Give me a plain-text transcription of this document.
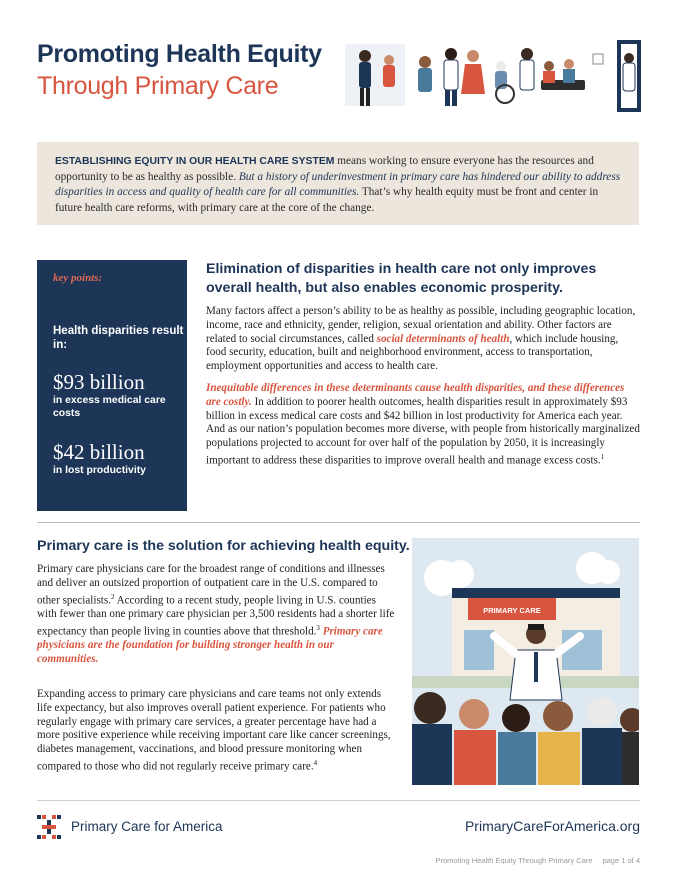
Promoting Health Equity
Through Primary Care
ESTABLISHING EQUITY IN OUR HEALTH CARE SYSTEM means working to ensure everyone has the resources and opportunity to be as healthy as possible. But a history of underinvestment in primary care has hindered our ability to address disparities in access and quality of health care for all communities. That’s why health equity must be front and center in future health care reforms, with primary care at the core of the change.
key points:
Health disparities result in:
$93 billion
in excess medical care costs
$42 billion
in lost productivity
Elimination of disparities in health care not only improves overall health, but also enables economic prosperity.
Many factors affect a person’s ability to be as healthy as possible, including geographic location, income, race and ethnicity, gender, religion, sexual orientation and ability. Other factors are related to social circumstances, called social determinants of health, which include housing, food security, education, built and neighborhood environment, access to transportation, employment opportunities and access to health care.
Inequitable differences in these determinants cause health disparities, and these differences are costly. In addition to poorer health outcomes, health disparities result in approximately $93 billion in excess medical care costs and $42 billion in lost productivity for America each year. And as our nation’s population becomes more diverse, with people from historically marginalized populations projected to account for over half of the population by 2050, it is increasingly important to address these disparities to improve overall health and manage excess costs.$^1$
Primary care is the solution for achieving health equity.
Primary care physicians care for the broadest range of conditions and illnesses and deliver an outsized proportion of outpatient care in the U.S. compared to other specialists.$^2$ According to a recent study, people living in U.S. counties with fewer than one primary care physician per 3,500 residents had a shorter life expectancy than people living in counties above that threshold.$^3$ Primary care physicians are the foundation for building stronger health in our communities.
Expanding access to primary care physicians and care teams not only extends life expectancy, but also improves overall patient experience. For patients who regularly engage with primary care services, a greater percentage have had a more positive experience while receiving important care like cancer screenings, diabetes management, vaccinations, and blood pressure monitoring when compared to those who did not regularly receive primary care.$^4$
PRIMARY CARE
Primary Care for America	PrimaryCareForAmerica.org
Promoting Health Equity Through Primary Care page 1 of 4
